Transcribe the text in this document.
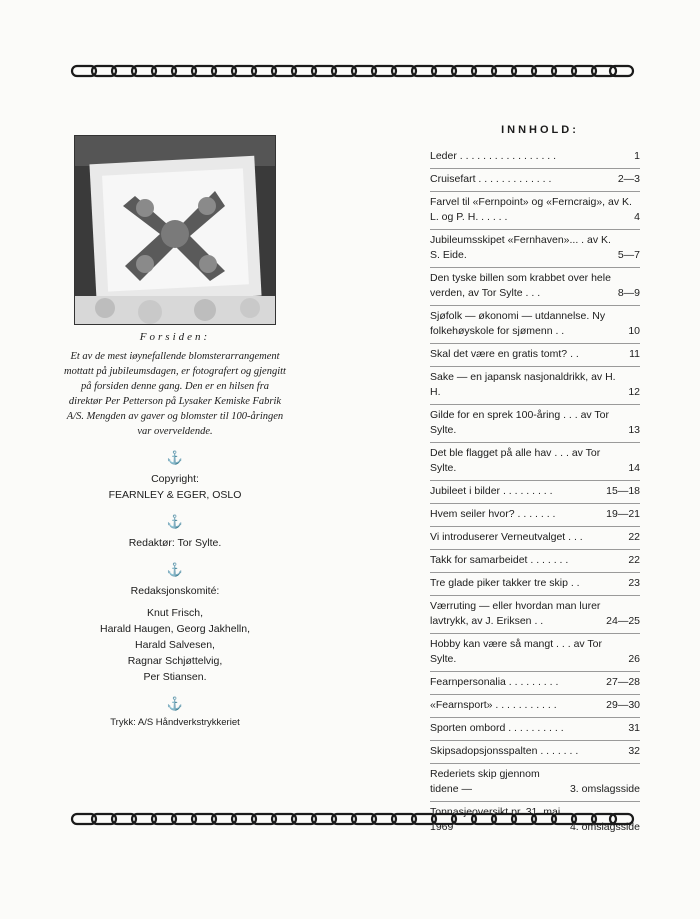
Forsiden:
Et av de mest iøynefallende blomsterarrangement mottatt på jubileumsdagen, er fotografert og gjengitt på forsiden denne gang. Den er en hilsen fra direktør Per Petterson på Lysaker Kemiske Fabrik A/S. Mengden av gaver og blomster til 100-åringen var overveldende.
⚓
Copyright:
FEARNLEY & EGER, OSLO
⚓
Redaktør: Tor Sylte.
⚓
Redaksjonskomité:
Knut Frisch,
Harald Haugen, Georg Jakhelln,
Harald Salvesen,
Ragnar Schjøttelvig,
Per Stiansen.
⚓
Trykk: A/S Håndverkstrykkeriet
INNHOLD:
Leder . . . . . . . . . . . . . . . . .	1
Cruisefart . . . . . . . . . . . . .	2—3
Farvel til «Fernpoint» og «Ferncraig», av K. L. og P. H. . . . . .	4
Jubileumsskipet «Fernhaven»... . av K. S. Eide.	5—7
Den tyske billen som krabbet over hele verden, av Tor Sylte . . .	8—9
Sjøfolk — økonomi — utdannelse. Ny folkehøyskole for sjømenn . .	10
Skal det være en gratis tomt? . .	11
Sake — en japansk nasjonaldrikk, av H. H.	12
Gilde for en sprek 100-åring . . . av Tor Sylte.	13
Det ble flagget på alle hav . . . av Tor Sylte.	14
Jubileet i bilder . . . . . . . . .	15—18
Hvem seiler hvor? . . . . . . .	19—21
Vi introduserer Verneutvalget . . .	22
Takk for samarbeidet . . . . . . .	22
Tre glade piker takker tre skip . .	23
Værruting — eller hvordan man lurer lavtrykk, av J. Eriksen . .	24—25
Hobby kan være så mangt . . . av Tor Sylte.	26
Fearnpersonalia . . . . . . . . .	27—28
«Fearnsport» . . . . . . . . . . .	29—30
Sporten ombord . . . . . . . . . .	31
Skipsadopsjonsspalten . . . . . . .	32
Rederiets skip gjennom tidene —	3. omslagsside
Tonnasjeoversikt pr. 31. mai 1969	4. omslagsside
